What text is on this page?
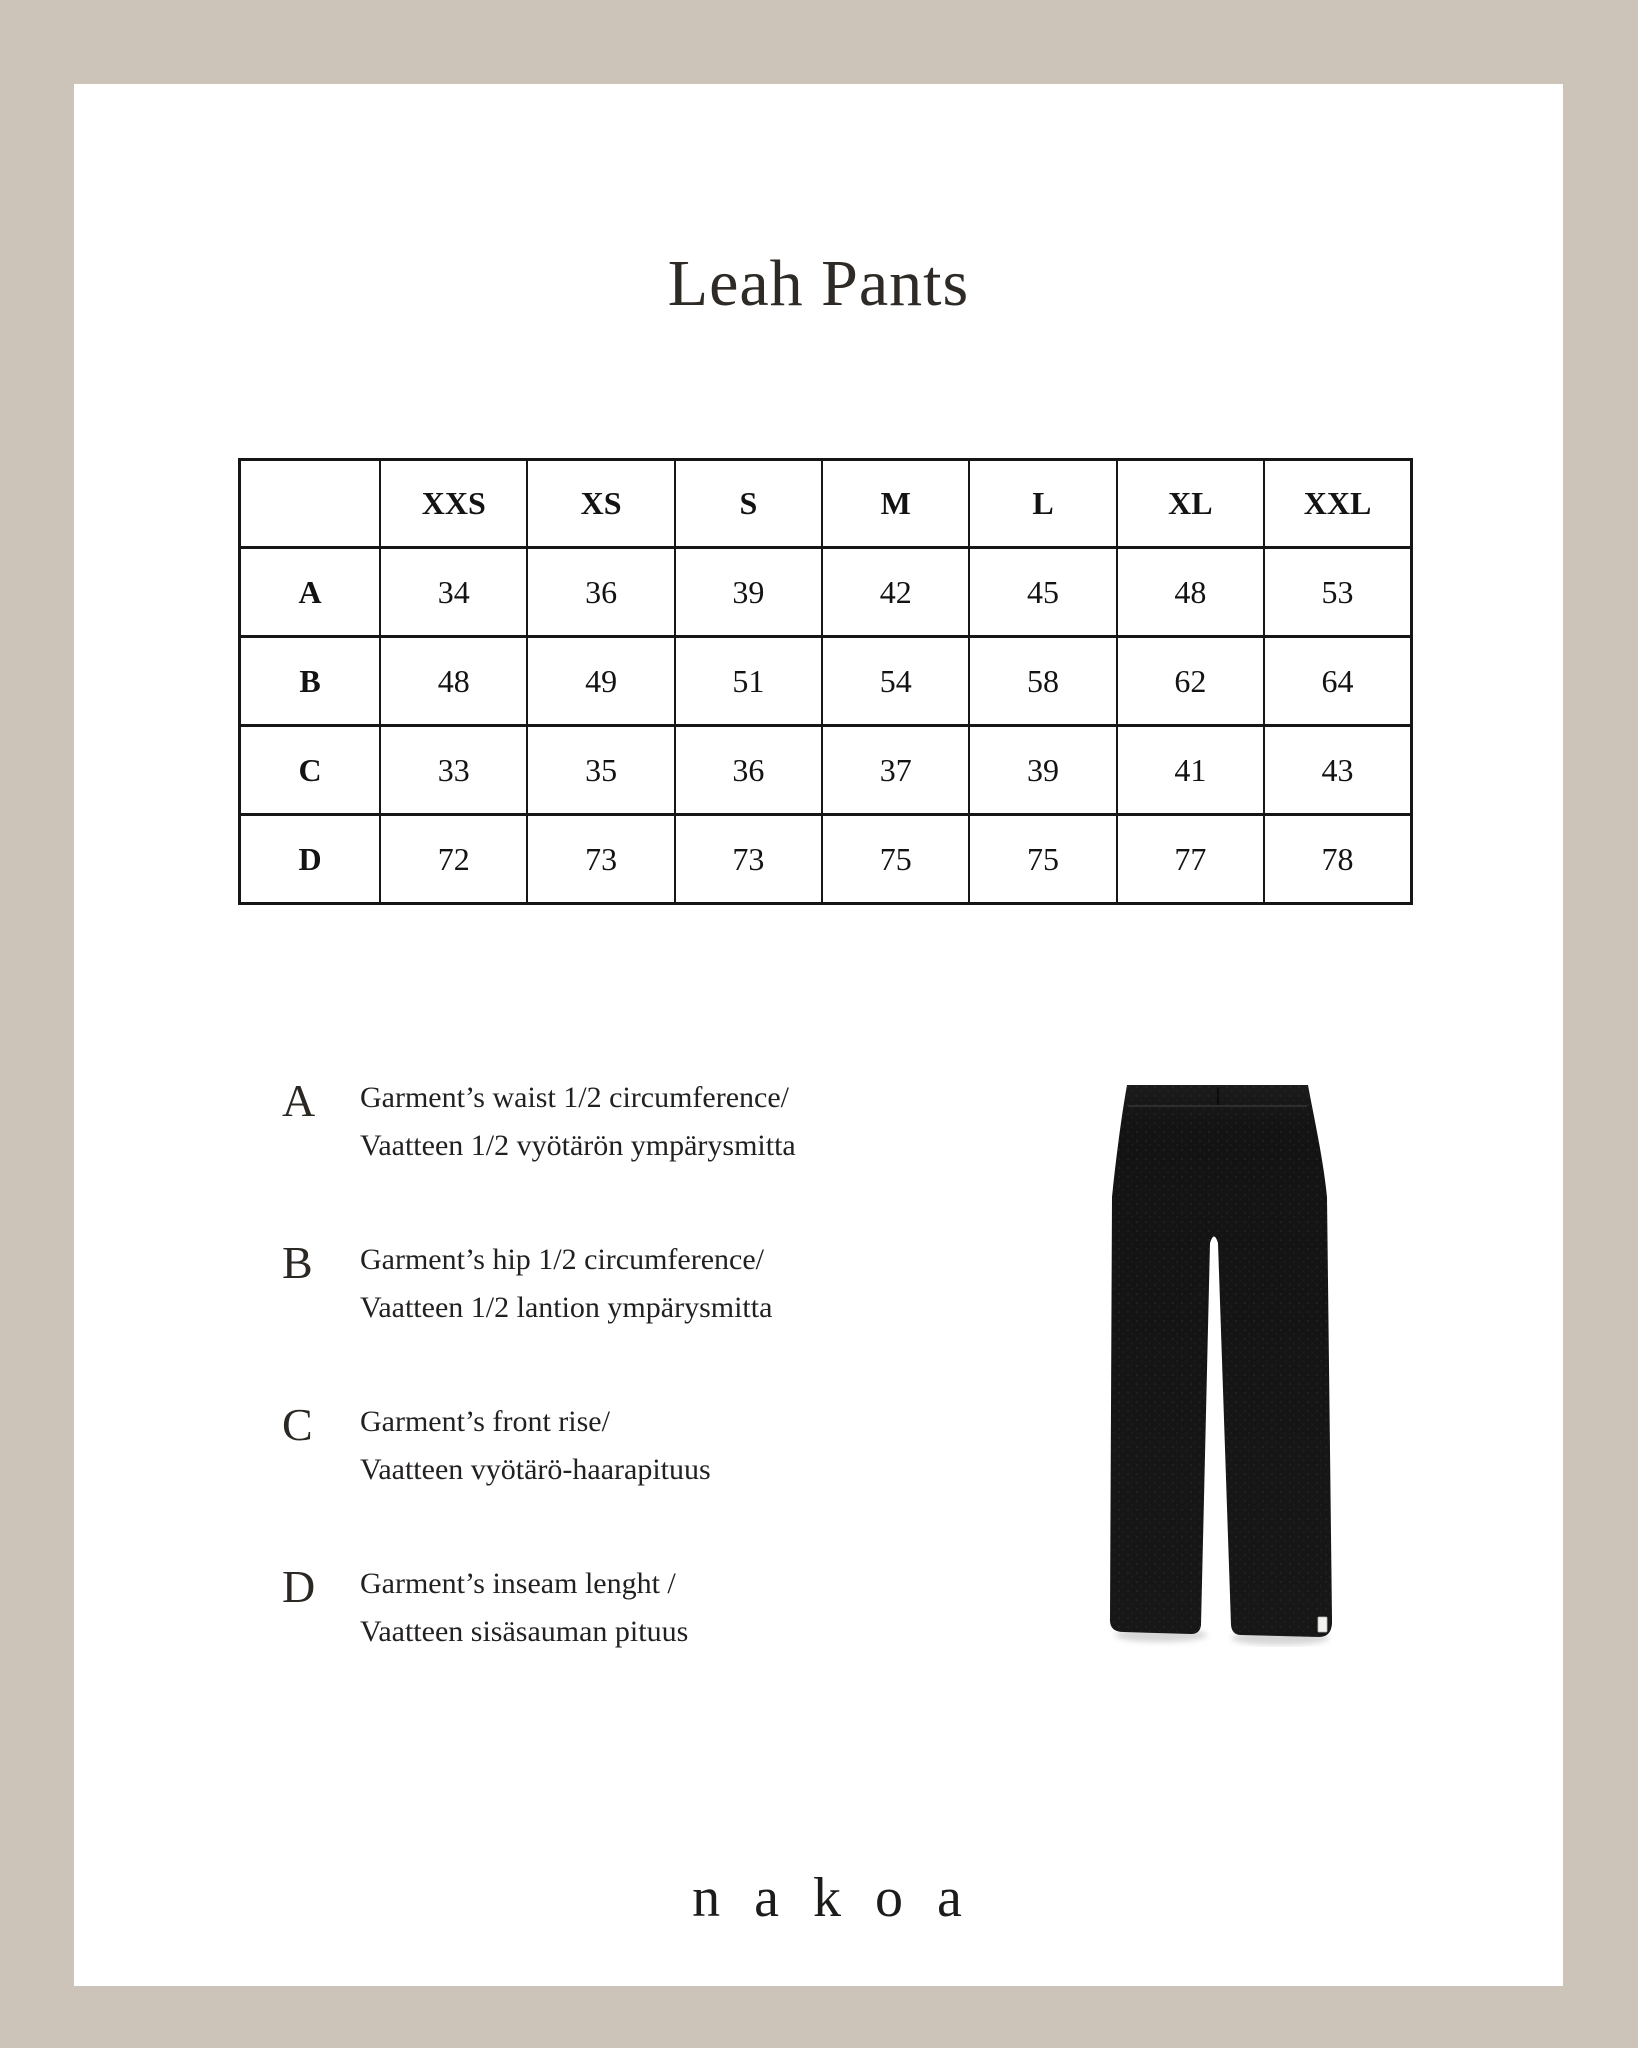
Leah Pants
	XXS	XS	S	M	L	XL	XXL
A	34	36	39	42	45	48	53
B	48	49	51	54	58	62	64
C	33	35	36	37	39	41	43
D	72	73	73	75	75	77	78
A	Garment’s waist 1/2 circumference/
Vaatteen 1/2 vyötärön ympärysmitta
B	Garment’s hip 1/2 circumference/
Vaatteen 1/2 lantion ympärysmitta
C	Garment’s front rise/
Vaatteen vyötärö-haarapituus
D	Garment’s inseam lenght /
Vaatteen sisäsauman pituus
nakoa
